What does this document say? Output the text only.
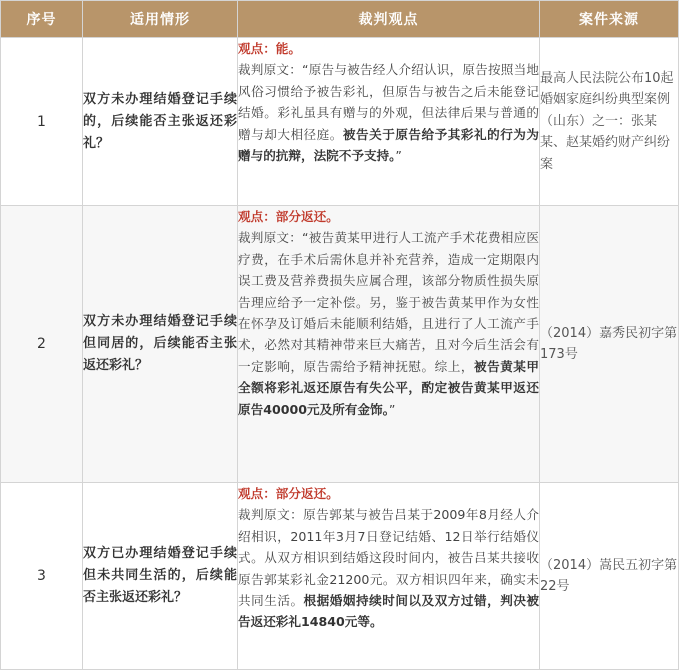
序号	适用情形	裁判观点	案件来源
1	双方未办理结婚登记手续的，后续能否主张返还彩礼？	观点：能。
裁判原文：“原告与被告经人介绍认识，原告按照当地风俗习惯给予被告彩礼，但原告与被告之后未能登记结婚。彩礼虽具有赠与的外观，但法律后果与普通的赠与却大相径庭。被告关于原告给予其彩礼的行为为赠与的抗辩，法院不予支持。”	最高人民法院公布10起婚姻家庭纠纷典型案例（山东）之一：张某某、赵某婚约财产纠纷案
2	双方未办理结婚登记手续但同居的，后续能否主张返还彩礼？	观点：部分返还。
裁判原文：“被告黄某甲进行人工流产手术花费相应医疗费，在手术后需休息并补充营养，造成一定期限内误工费及营养费损失应属合理，该部分物质性损失原告理应给予一定补偿。另，鉴于被告黄某甲作为女性在怀孕及订婚后未能顺利结婚，且进行了人工流产手术，必然对其精神带来巨大痛苦，且对今后生活会有一定影响，原告需给予精神抚慰。综上，被告黄某甲全额将彩礼返还原告有失公平，酌定被告黄某甲返还原告40000元及所有金饰。”	（2014）嘉秀民初字第173号
3	双方已办理结婚登记手续但未共同生活的，后续能否主张返还彩礼？	观点：部分返还。
裁判原文：原告郭某与被告吕某于2009年8月经人介绍相识，2011年3月7日登记结婚、12日举行结婚仪式。从双方相识到结婚这段时间内，被告吕某共接收原告郭某彩礼金21200元。双方相识四年来，确实未共同生活。根据婚姻持续时间以及双方过错，判决被告返还彩礼14840元等。	（2014）嵩民五初字第22号
